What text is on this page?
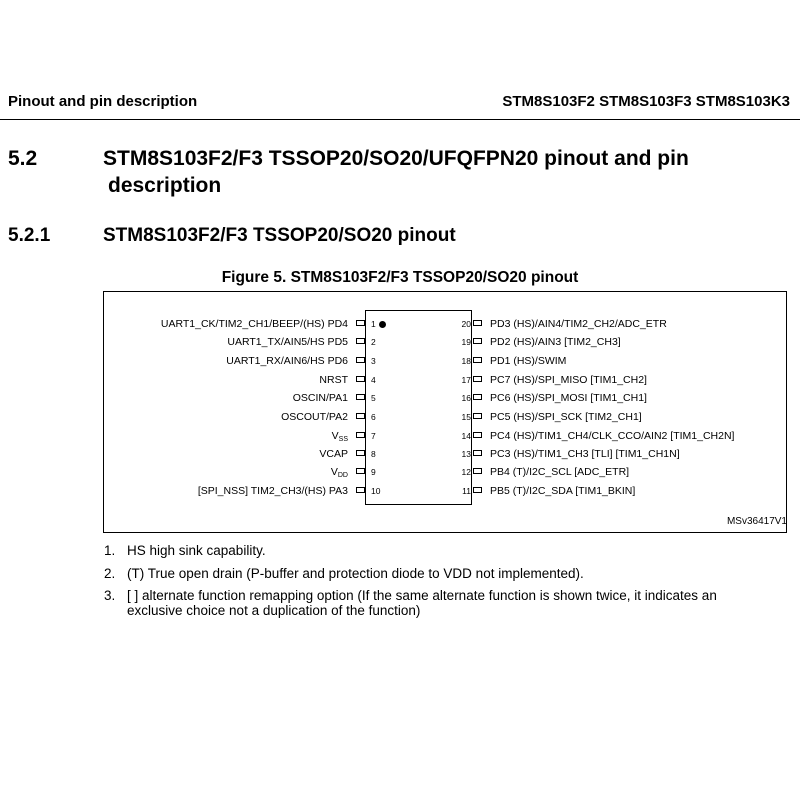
Pinout and pin description	STM8S103F2 STM8S103F3 STM8S103K3
5.2	STM8S103F2/F3 TSSOP20/SO20/UFQFPN20 pinout and pin
description
5.2.1	STM8S103F2/F3 TSSOP20/SO20 pinout
Figure 5. STM8S103F2/F3 TSSOP20/SO20 pinout
UART1_CK/TIM2_CH1/BEEP/(HS) PD4	1
UART1_TX/AIN5/HS PD5	2
UART1_RX/AIN6/HS PD6	3
NRST	4
OSCIN/PA1	5
OSCOUT/PA2	6
$V_{SS}$	7
VCAP	8
$V_{DD}$	9
[SPI_NSS] TIM2_CH3/(HS) PA3	10
20 PD3 (HS)/AIN4/TIM2_CH2/ADC_ETR
19 PD2 (HS)/AIN3 [TIM2_CH3]
18 PD1 (HS)/SWIM
17 PC7 (HS)/SPI_MISO [TIM1_CH2]
16 PC6 (HS)/SPI_MOSI [TIM1_CH1]
15 PC5 (HS)/SPI_SCK [TIM2_CH1]
14 PC4 (HS)/TIM1_CH4/CLK_CCO/AIN2 [TIM1_CH2N]
13 PC3 (HS)/TIM1_CH3 [TLI] [TIM1_CH1N]
12 PB4 (T)/I2C_SCL [ADC_ETR]
11 PB5 (T)/I2C_SDA [TIM1_BKIN]
MSv36417V1
1. HS high sink capability.
2. (T) True open drain (P-buffer and protection diode to VDD not implemented).
3. [ ] alternate function remapping option (If the same alternate function is shown twice, it indicates an exclusive choice not a duplication of the function)
